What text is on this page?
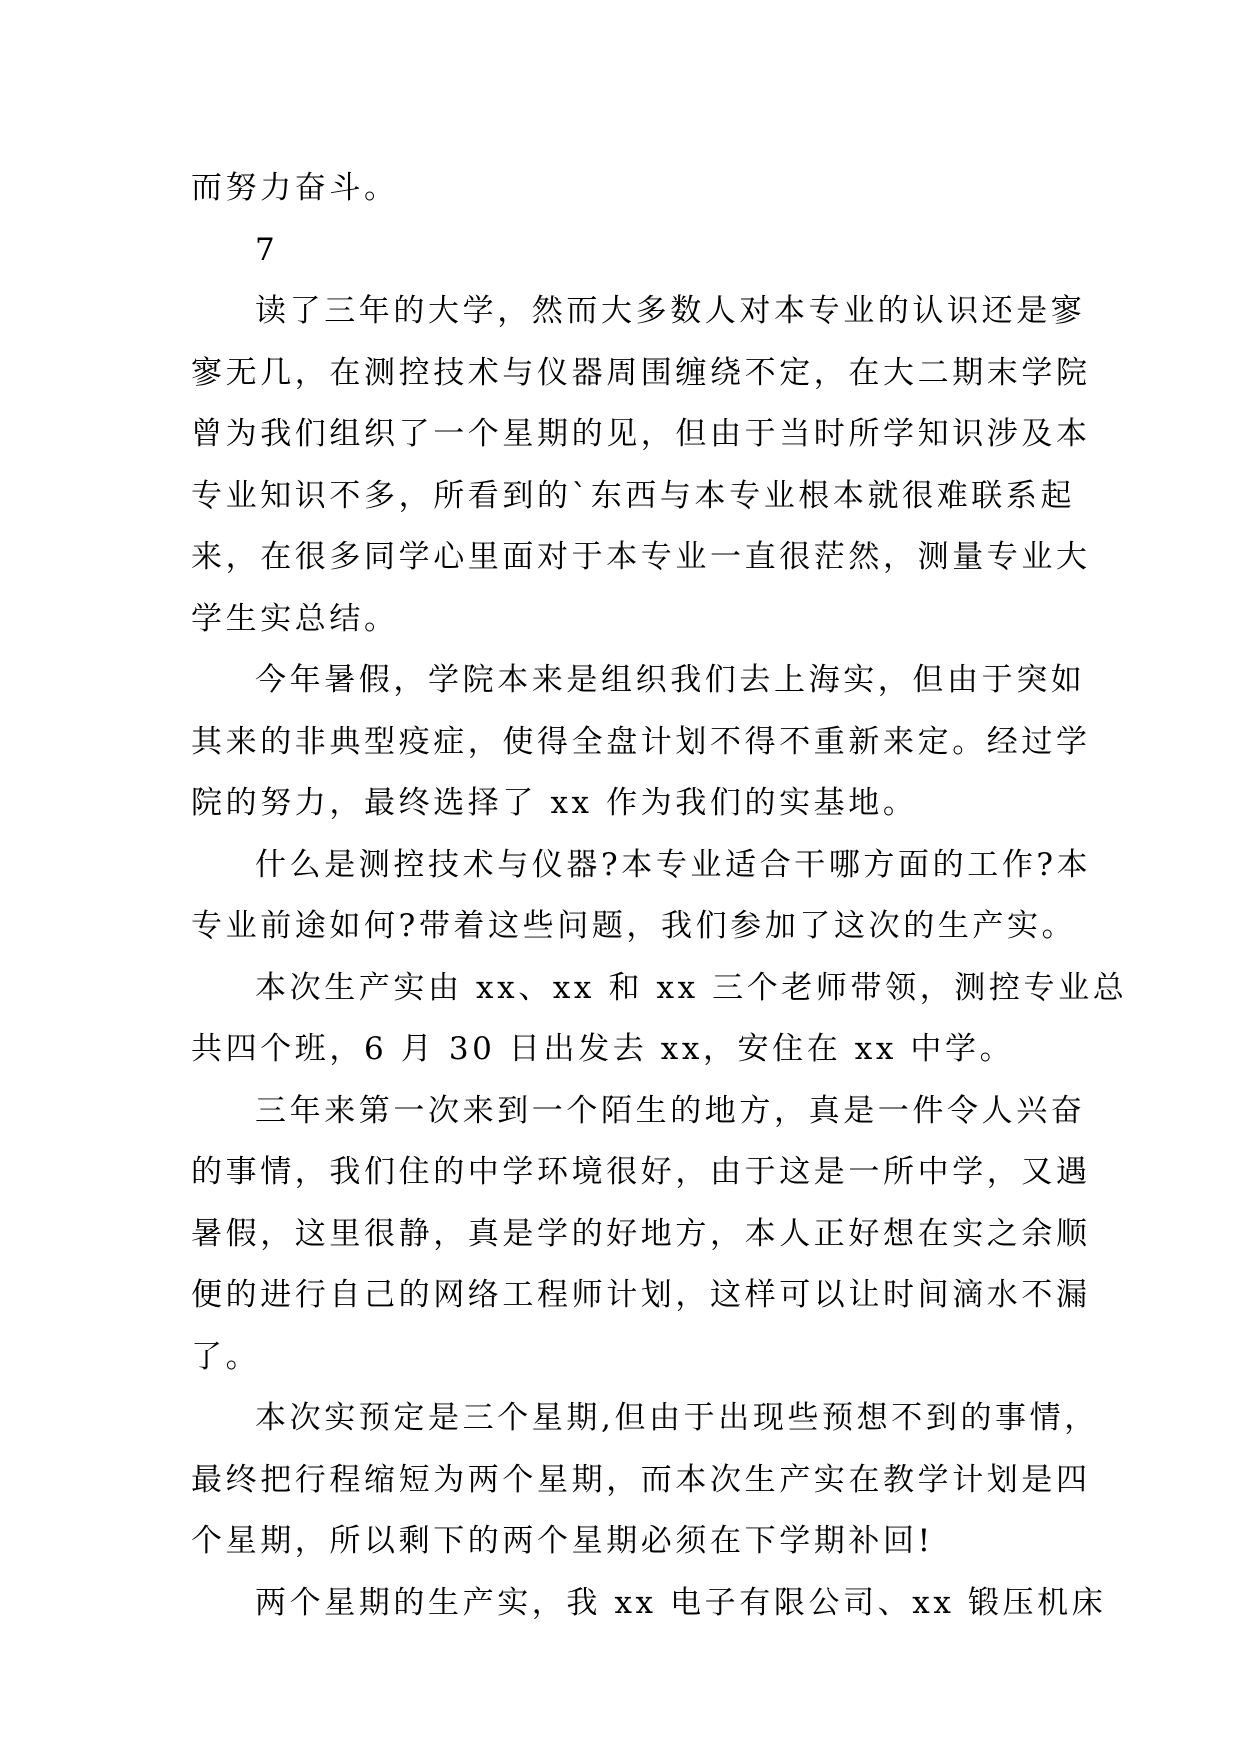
而努力奋斗。
7
读了三年的大学，然而大多数人对本专业的认识还是寥
寥无几，在测控技术与仪器周围缠绕不定，在大二期末学院
曾为我们组织了一个星期的见，但由于当时所学知识涉及本
专业知识不多，所看到的`东西与本专业根本就很难联系起
来，在很多同学心里面对于本专业一直很茫然，测量专业大
学生实总结。
今年暑假，学院本来是组织我们去上海实，但由于突如
其来的非典型疫症，使得全盘计划不得不重新来定。经过学
院的努力，最终选择了 xx 作为我们的实基地。
什么是测控技术与仪器?本专业适合干哪方面的工作?本
专业前途如何?带着这些问题，我们参加了这次的生产实。
本次生产实由 xx、xx 和 xx 三个老师带领，测控专业总
共四个班，6 月 30 日出发去 xx，安住在 xx 中学。
三年来第一次来到一个陌生的地方，真是一件令人兴奋
的事情，我们住的中学环境很好，由于这是一所中学，又遇
暑假，这里很静，真是学的好地方，本人正好想在实之余顺
便的进行自己的网络工程师计划，这样可以让时间滴水不漏
了。
本次实预定是三个星期,但由于出现些预想不到的事情，
最终把行程缩短为两个星期，而本次生产实在教学计划是四
个星期，所以剩下的两个星期必须在下学期补回!
两个星期的生产实，我 xx 电子有限公司、xx 锻压机床
